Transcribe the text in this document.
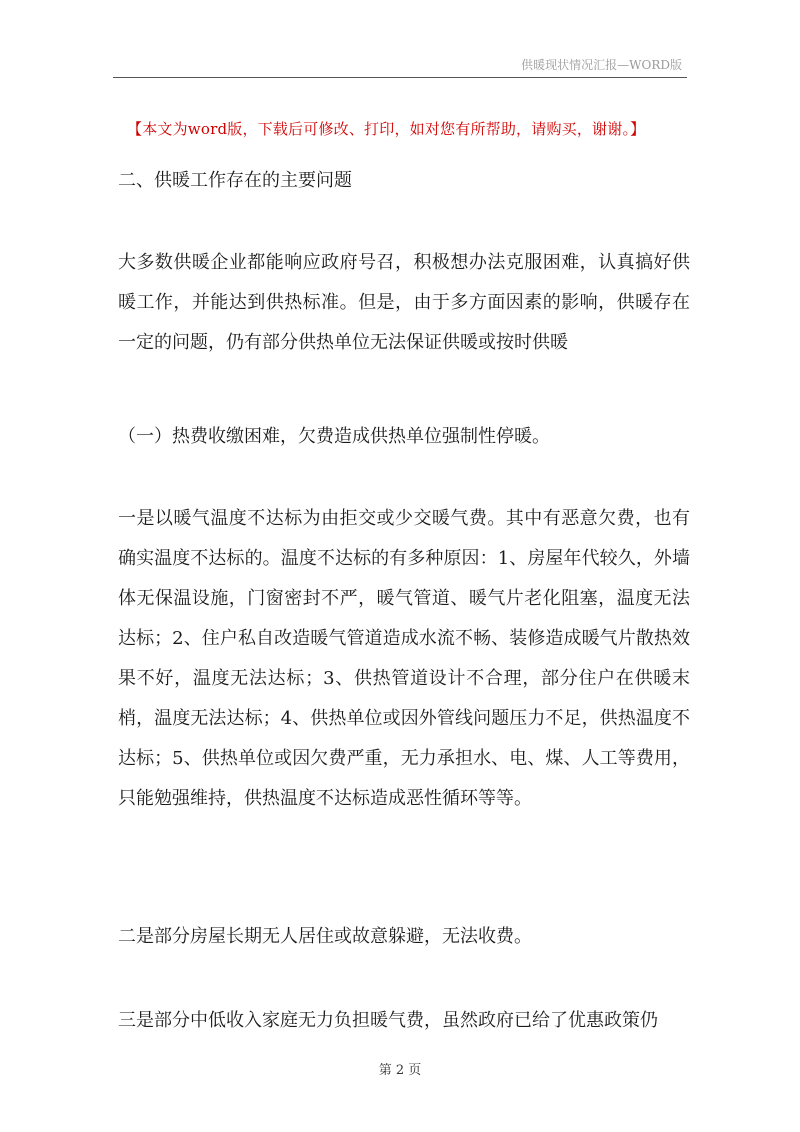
供暖现状情况汇报—WORD版
【本文为word版，下载后可修改、打印，如对您有所帮助，请购买，谢谢。】

二、供暖工作存在的主要问题

大多数供暖企业都能响应政府号召，积极想办法克服困难，认真搞好供暖工作，并能达到供热标准。但是，由于多方面因素的影响，供暖存在一定的问题，仍有部分供热单位无法保证供暖或按时供暖

（一）热费收缴困难，欠费造成供热单位强制性停暖。

一是以暖气温度不达标为由拒交或少交暖气费。其中有恶意欠费，也有确实温度不达标的。温度不达标的有多种原因：1、房屋年代较久，外墙体无保温设施，门窗密封不严，暖气管道、暖气片老化阻塞，温度无法达标；2、住户私自改造暖气管道造成水流不畅、装修造成暖气片散热效果不好，温度无法达标；3、供热管道设计不合理，部分住户在供暖末梢，温度无法达标；4、供热单位或因外管线问题压力不足，供热温度不达标；5、供热单位或因欠费严重，无力承担水、电、煤、人工等费用，只能勉强维持，供热温度不达标造成恶性循环等等。

二是部分房屋长期无人居住或故意躲避，无法收费。

三是部分中低收入家庭无力负担暖气费，虽然政府已给了优惠政策仍

第 2 页
